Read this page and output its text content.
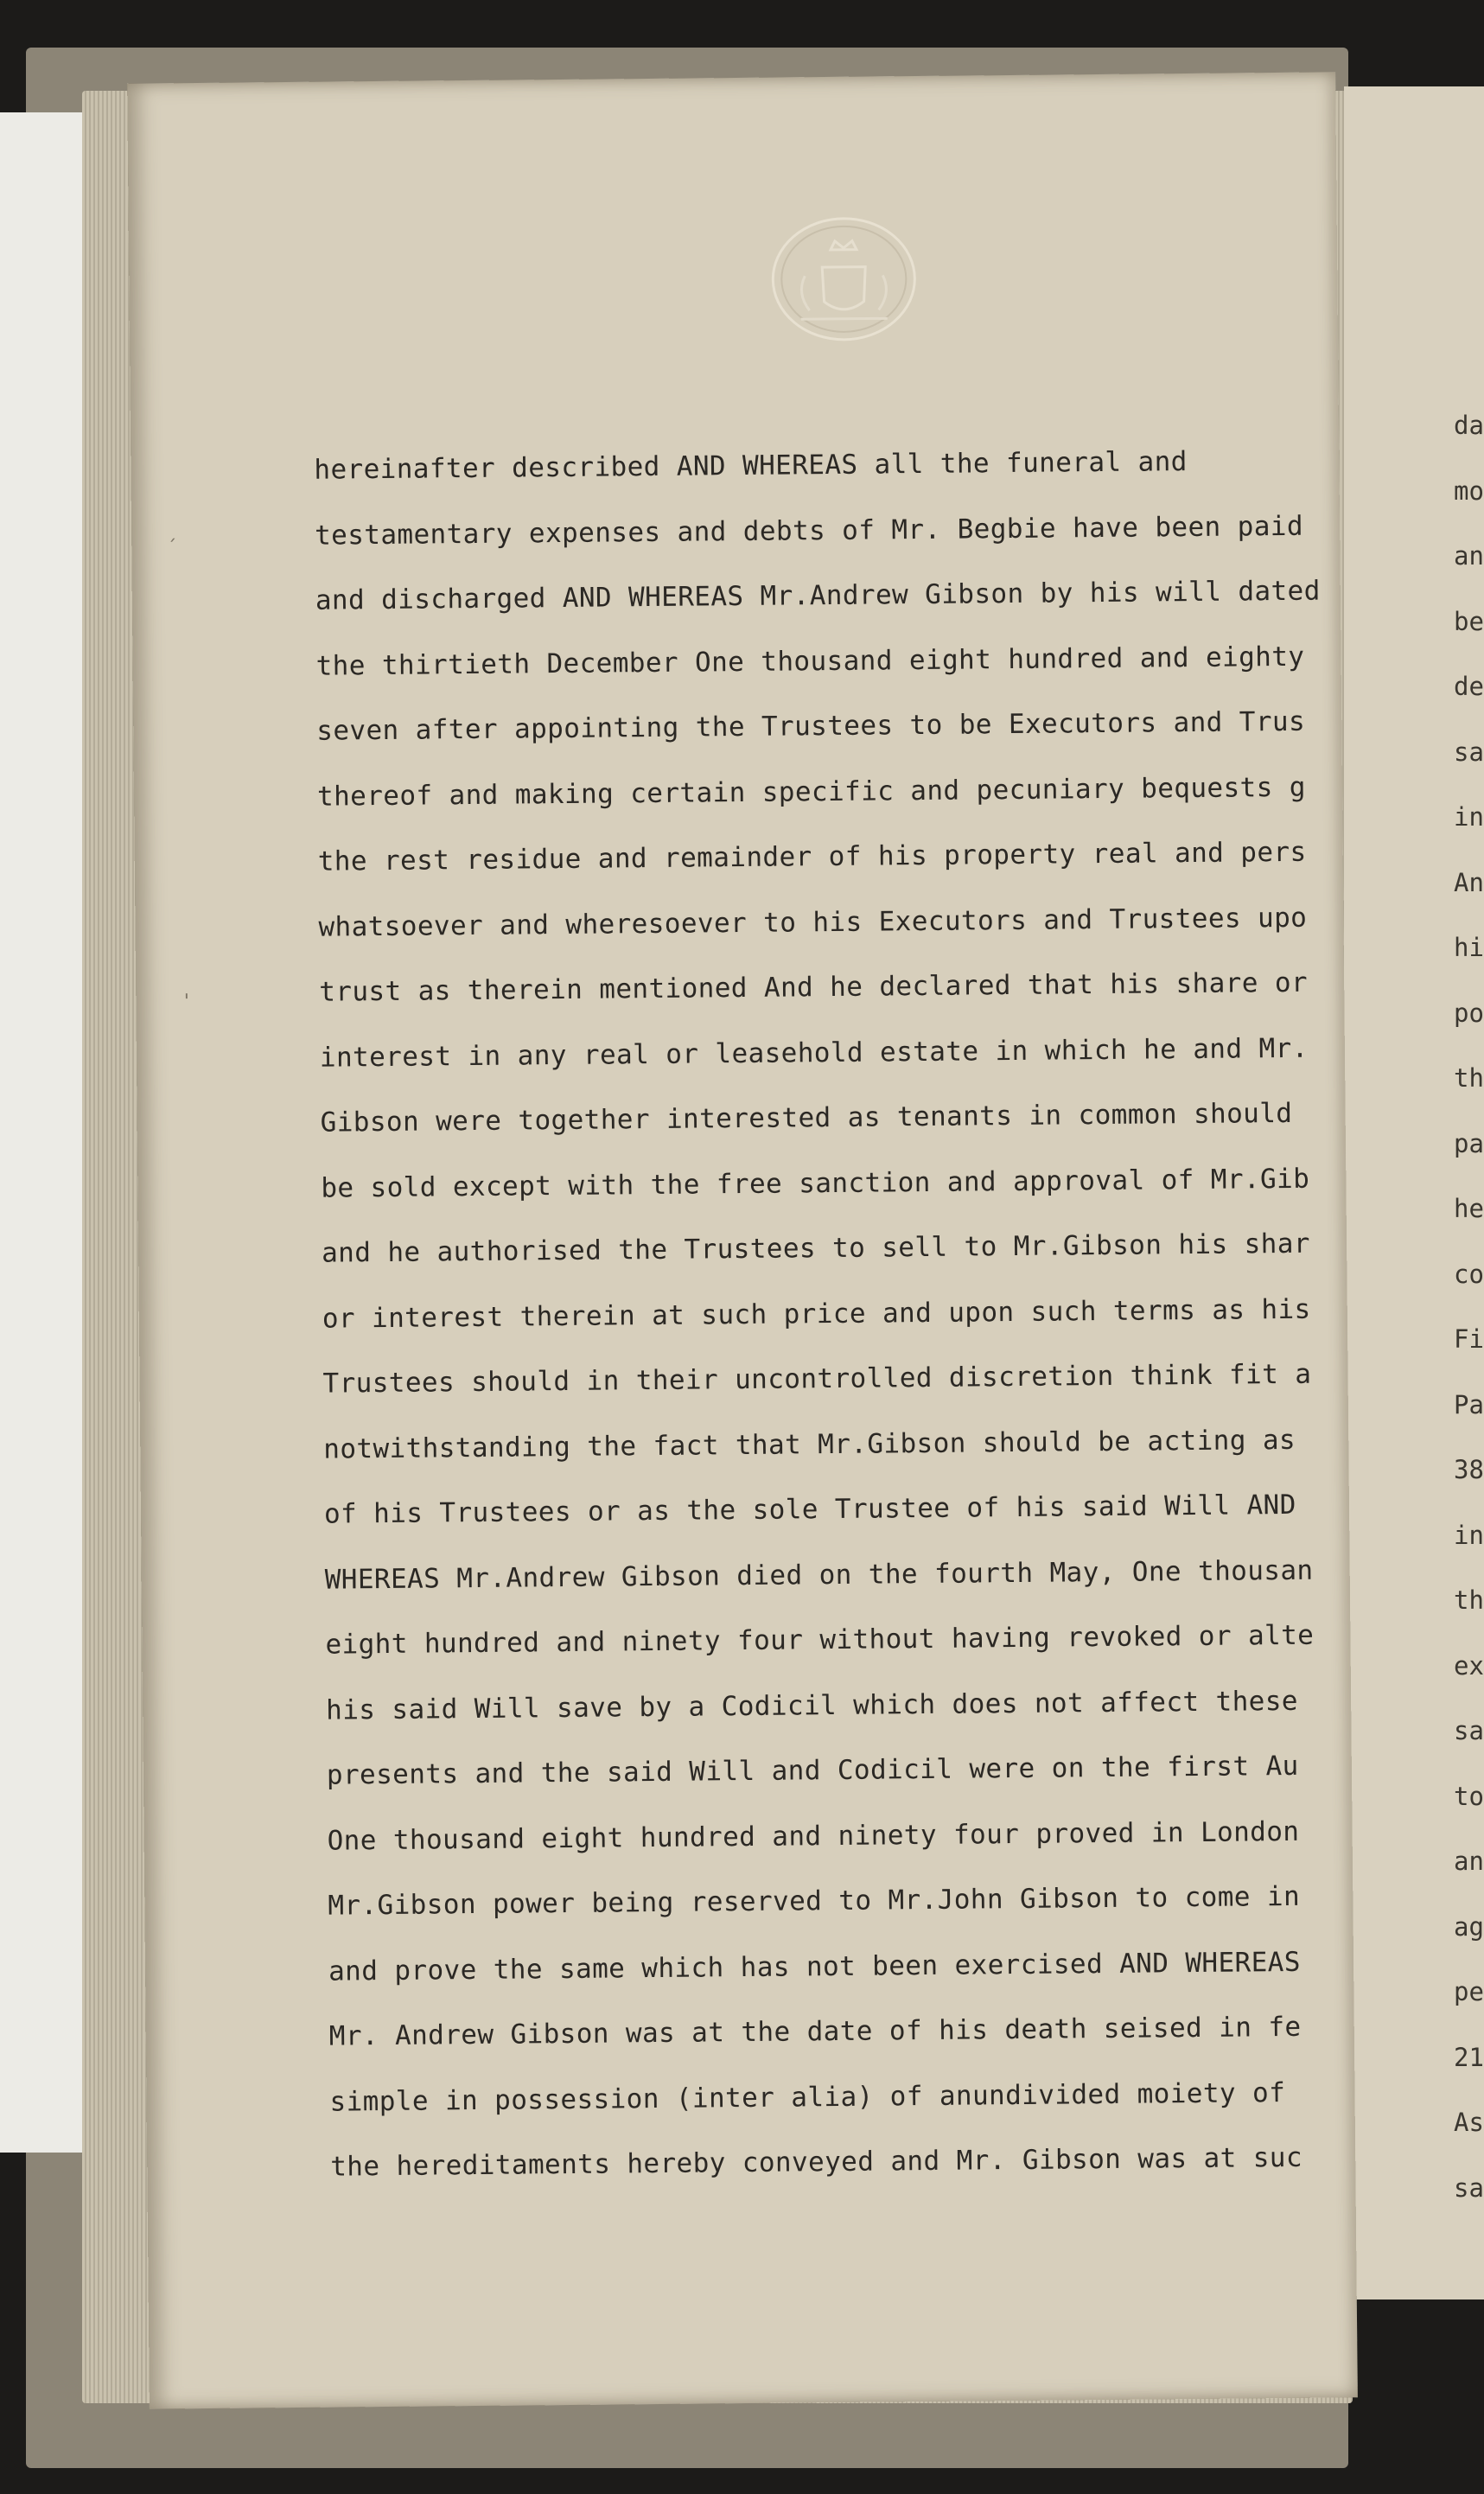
da
mo
an
be
de
sa
in
An
hi
po
th
pa
he
co
Fi
Pa
38
in
th
ex
sa
to
an
ag
pe
21
As
sa
hereinafter described AND WHEREAS all the funeral and
testamentary expenses and debts of Mr. Begbie have been paid
and discharged AND WHEREAS Mr.Andrew Gibson by his will dated
the thirtieth December One thousand eight hundred and eighty
seven after appointing the Trustees to be Executors and Trus
thereof and making certain specific and pecuniary bequests g
the rest residue and remainder of his property real and pers
whatsoever and wheresoever to his Executors and Trustees upo
trust as therein mentioned And he declared that his share or
interest in any real or leasehold estate in which he and Mr.
Gibson were together interested as tenants in common should
be sold except with the free sanction and approval of Mr.Gib
and he authorised the Trustees to sell to Mr.Gibson his shar
or interest therein at such price and upon such terms as his
Trustees should in their uncontrolled discretion think fit a
notwithstanding the fact that Mr.Gibson should be acting as
of his Trustees or as the sole Trustee of his said Will AND
WHEREAS Mr.Andrew Gibson died on the fourth May, One thousan
eight hundred and ninety four without having revoked or alte
his said Will save by a Codicil which does not affect these
presents and the said Will and Codicil were on the first Au
One thousand eight hundred and ninety four proved in London
Mr.Gibson power being reserved to Mr.John Gibson to come in
and prove the same which has not been exercised AND WHEREAS
Mr. Andrew Gibson was at the date of his death seised in fe
simple in possession (inter alia) of anundivided moiety of
the hereditaments hereby conveyed and Mr. Gibson was at suc
´
'
